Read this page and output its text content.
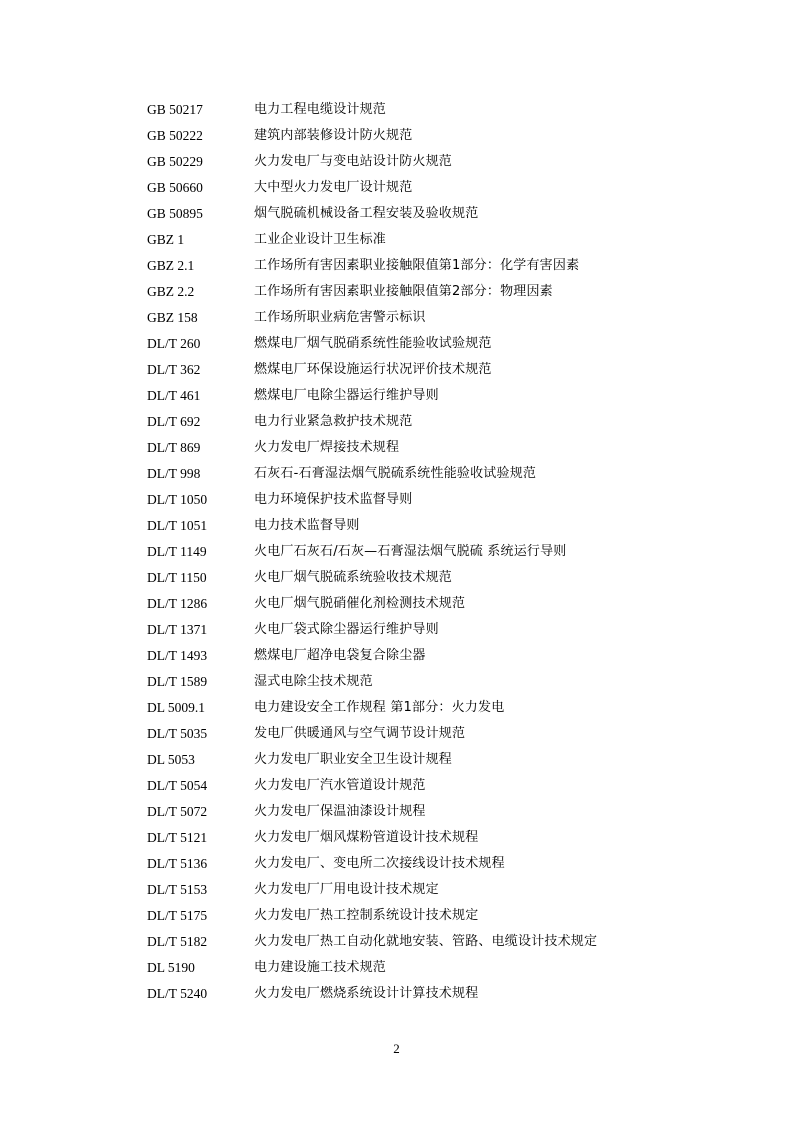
GB 50217	电力工程电缆设计规范
GB 50222	建筑内部装修设计防火规范
GB 50229	火力发电厂与变电站设计防火规范
GB 50660	大中型火力发电厂设计规范
GB 50895	烟气脱硫机械设备工程安装及验收规范
GBZ 1	工业企业设计卫生标准
GBZ 2.1	工作场所有害因素职业接触限值第1部分：化学有害因素
GBZ 2.2	工作场所有害因素职业接触限值第2部分：物理因素
GBZ 158	工作场所职业病危害警示标识
DL/T 260	燃煤电厂烟气脱硝系统性能验收试验规范
DL/T 362	燃煤电厂环保设施运行状况评价技术规范
DL/T 461	燃煤电厂电除尘器运行维护导则
DL/T 692	电力行业紧急救护技术规范
DL/T 869	火力发电厂焊接技术规程
DL/T 998	石灰石-石膏湿法烟气脱硫系统性能验收试验规范
DL/T 1050	电力环境保护技术监督导则
DL/T 1051	电力技术监督导则
DL/T 1149	火电厂石灰石/石灰—石膏湿法烟气脱硫 系统运行导则
DL/T 1150	火电厂烟气脱硫系统验收技术规范
DL/T 1286	火电厂烟气脱硝催化剂检测技术规范
DL/T 1371	火电厂袋式除尘器运行维护导则
DL/T 1493	燃煤电厂超净电袋复合除尘器
DL/T 1589	湿式电除尘技术规范
DL 5009.1	电力建设安全工作规程 第1部分：火力发电
DL/T 5035	发电厂供暖通风与空气调节设计规范
DL 5053	火力发电厂职业安全卫生设计规程
DL/T 5054	火力发电厂汽水管道设计规范
DL/T 5072	火力发电厂保温油漆设计规程
DL/T 5121	火力发电厂烟风煤粉管道设计技术规程
DL/T 5136	火力发电厂、变电所二次接线设计技术规程
DL/T 5153	火力发电厂厂用电设计技术规定
DL/T 5175	火力发电厂热工控制系统设计技术规定
DL/T 5182	火力发电厂热工自动化就地安装、管路、电缆设计技术规定
DL 5190	电力建设施工技术规范
DL/T 5240	火力发电厂燃烧系统设计计算技术规程
2
